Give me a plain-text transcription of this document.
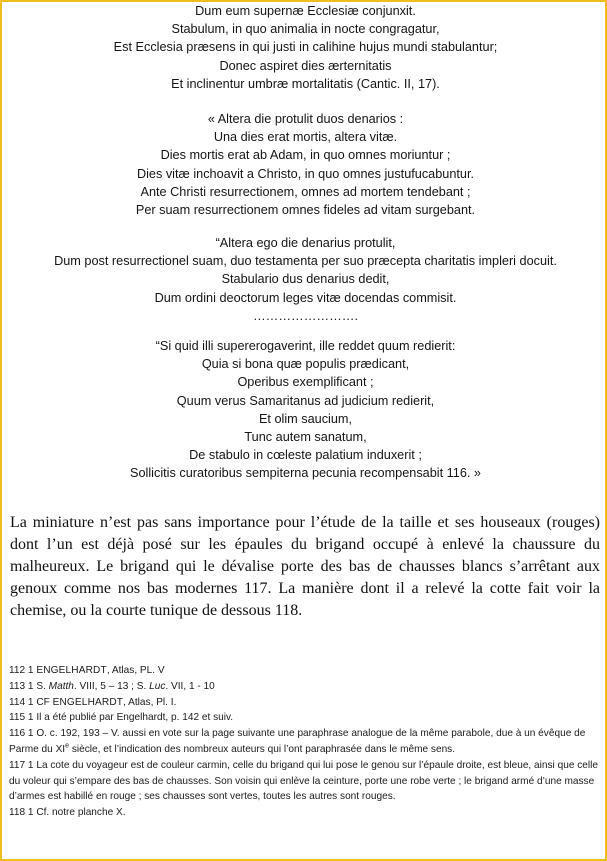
Dum eum supernæ Ecclesiæ conjunxit.
Stabulum, in quo animalia in nocte congragatur,
Est Ecclesia præsens in qui justi in calihine hujus mundi stabulantur;
Donec aspiret dies ærternitatis
Et inclinentur umbræ mortalitatis (Cantic. II, 17).
« Altera die protulit duos denarios :
Una dies erat mortis, altera vitæ.
Dies mortis erat ab Adam, in quo omnes moriuntur ;
Dies vitæ inchoavit a Christo, in quo omnes justufucabuntur.
Ante Christi resurrectionem, omnes ad mortem tendebant ;
Per suam resurrectionem omnes fideles ad vitam surgebant.
“Altera ego die denarius protulit,
Dum post resurrectionel suam, duo testamenta per suo præcepta charitatis impleri docuit.
Stabulario dus denarius dedit,
Dum ordini deoctorum leges vitæ docendas commisit.
…………………….
“Si quid illi supererogaverint, ille reddet quum redierit:
Quia si bona quæ populis prædicant,
Operibus exemplificant ;
Quum verus Samaritanus ad judicium redierit,
Et olim saucium,
Tunc autem sanatum,
De stabulo in cœleste palatium induxerit ;
Sollicitis curatoribus sempiterna pecunia recompensabit 116. »

La miniature n’est pas sans importance pour l’étude de la taille et ses houseaux (rouges) dont l’un est déjà posé sur les épaules du brigand occupé à enlevé la chaussure du malheureux. Le brigand qui le dévalise porte des bas de chausses blancs s’arrêtant aux genoux comme nos bas modernes 117. La manière dont il a relevé la cotte fait voir la chemise, ou la courte tunique de dessous 118.

112 1 ENGELHARDT, Atlas, PL. V

113 1 S. Matth. VIII, 5 – 13 ; S. Luc. VII, 1 - 10

114 1 CF ENGELHARDT, Atlas, Pl. I.

115 1 Il a été publié par Engelhardt, p. 142 et suiv.

116 1 O. c. 192, 193 – V. aussi en vote sur la page suivante une paraphrase analogue de la même parabole, due à un évêque de Parme du XIe siècle, et l’indication des nombreux auteurs qui l’ont paraphrasée dans le même sens.

117 1 La cote du voyageur est de couleur carmin, celle du brigand qui lui pose le genou sur l’épaule droite, est bleue, ainsi que celle du voleur qui s’empare des bas de chausses. Son voisin qui enlève la ceinture, porte une robe verte ; le brigand armé d’une masse d’armes est habillé en rouge ; ses chausses sont vertes, toutes les autres sont rouges.

118 1 Cf. notre planche X.
